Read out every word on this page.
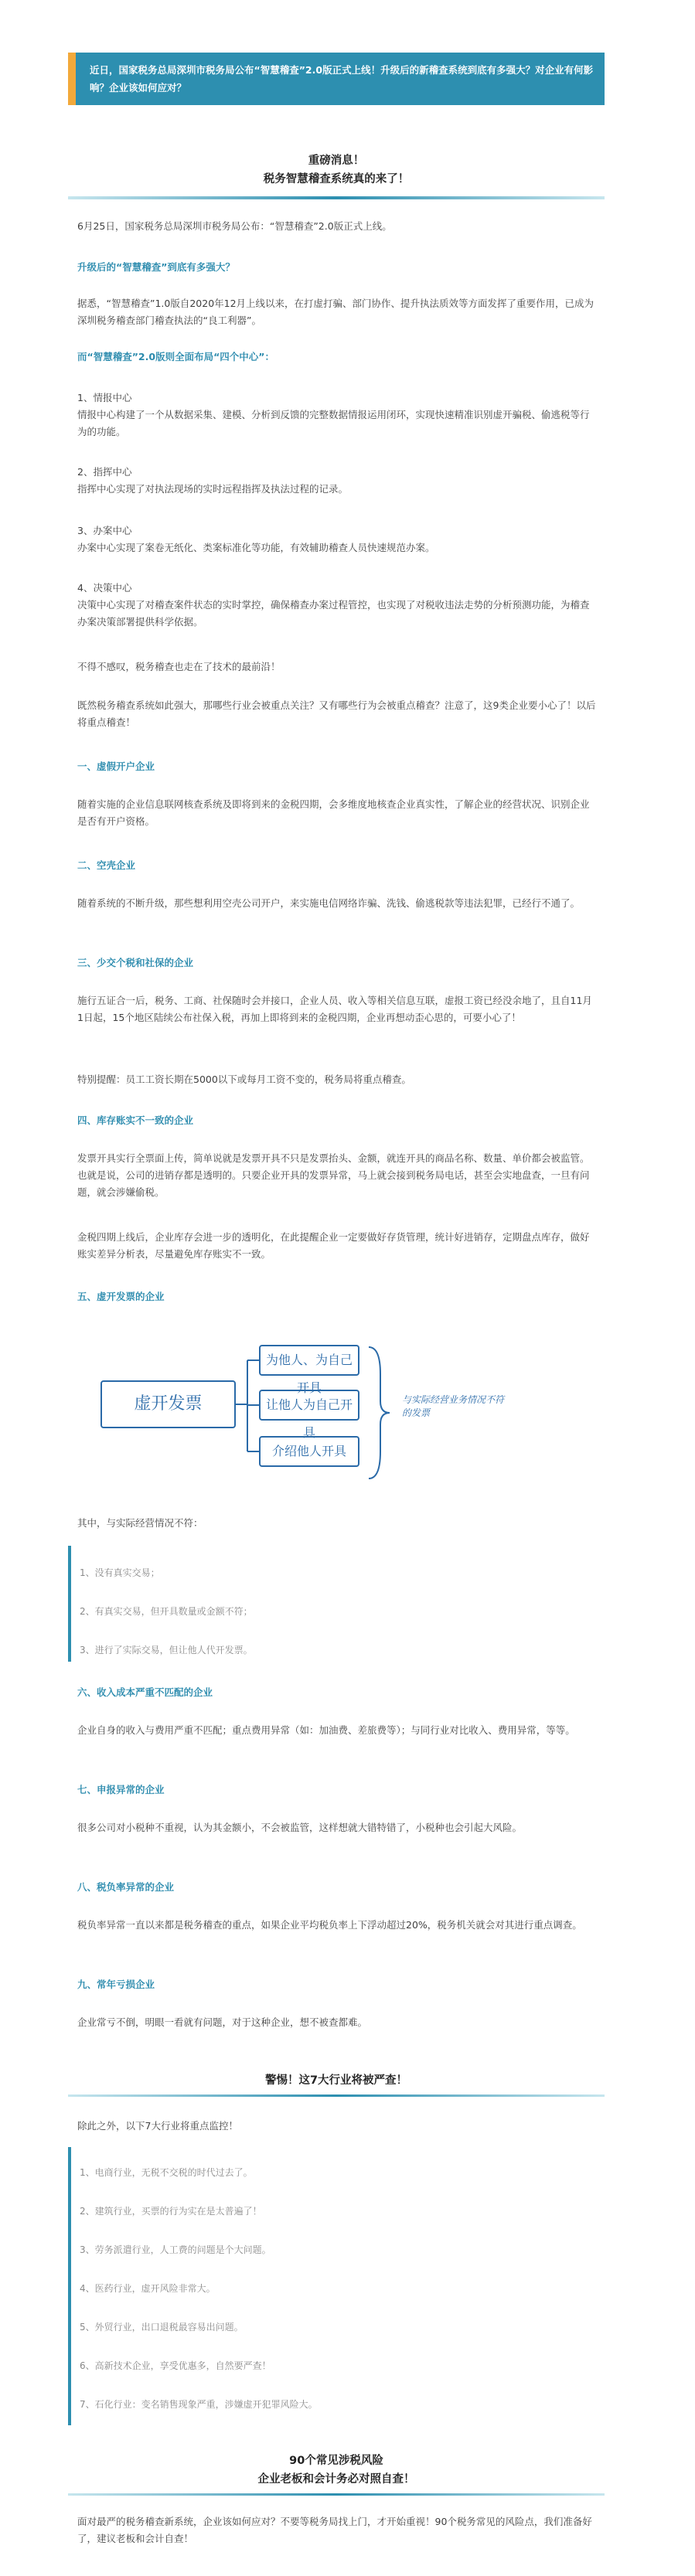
近日，国家税务总局深圳市税务局公布“智慧稽查”2.0版正式上线！升级后的新稽查系统到底有多强大？对企业有何影响？企业该如何应对？
重磅消息！
税务智慧稽查系统真的来了！

6月25日，国家税务总局深圳市税务局公布：“智慧稽查”2.0版正式上线。

升级后的“智慧稽查”到底有多强大？

据悉，“智慧稽查”1.0版自2020年12月上线以来，在打虚打骗、部门协作、提升执法质效等方面发挥了重要作用，已成为深圳税务稽查部门稽查执法的“良工利器”。

而“智慧稽查”2.0版则全面布局“四个中心”：

1、情报中心

情报中心构建了一个从数据采集、建模、分析到反馈的完整数据情报运用闭环，实现快速精准识别虚开骗税、偷逃税等行为的功能。

2、指挥中心

指挥中心实现了对执法现场的实时远程指挥及执法过程的记录。

3、办案中心

办案中心实现了案卷无纸化、类案标准化等功能，有效辅助稽查人员快速规范办案。

4、决策中心

决策中心实现了对稽查案件状态的实时掌控，确保稽查办案过程管控，也实现了对税收违法走势的分析预测功能，为稽查办案决策部署提供科学依据。

不得不感叹，税务稽查也走在了技术的最前沿！

既然税务稽查系统如此强大，那哪些行业会被重点关注？又有哪些行为会被重点稽查？注意了，这9类企业要小心了！以后将重点稽查！

一、虚假开户企业

随着实施的企业信息联网核查系统及即将到来的金税四期，会多维度地核查企业真实性，了解企业的经营状况、识别企业是否有开户资格。

二、空壳企业

随着系统的不断升级，那些想利用空壳公司开户，来实施电信网络诈骗、洗钱、偷逃税款等违法犯罪，已经行不通了。

三、少交个税和社保的企业

施行五证合一后，税务、工商、社保随时会并接口，企业人员、收入等相关信息互联，虚报工资已经没余地了，且自11月1日起，15个地区陆续公布社保入税，再加上即将到来的金税四期，企业再想动歪心思的，可要小心了！

特别提醒：员工工资长期在5000以下或每月工资不变的，税务局将重点稽查。

四、库存账实不一致的企业

发票开具实行全票面上传，简单说就是发票开具不只是发票抬头、金额，就连开具的商品名称、数量、单价都会被监管。也就是说，公司的进销存都是透明的。只要企业开具的发票异常，马上就会接到税务局电话，甚至会实地盘查，一旦有问题，就会涉嫌偷税。

金税四期上线后，企业库存会进一步的透明化，在此提醒企业一定要做好存货管理，统计好进销存，定期盘点库存，做好账实差异分析表，尽量避免库存账实不一致。

五、虚开发票的企业
虚开发票
为他人、为自己开具
让他人为自己开具
介绍他人开具
与实际经营业务情况不符的发票

其中，与实际经营情况不符：

1、没有真实交易；
2、有真实交易，但开具数量或金额不符；
3、进行了实际交易，但让他人代开发票。
六、收入成本严重不匹配的企业

企业自身的收入与费用严重不匹配；重点费用异常（如：加油费、差旅费等）；与同行业对比收入、费用异常，等等。

七、申报异常的企业

很多公司对小税种不重视，认为其金额小，不会被监管，这样想就大错特错了，小税种也会引起大风险。

八、税负率异常的企业

税负率异常一直以来都是税务稽查的重点，如果企业平均税负率上下浮动超过20%，税务机关就会对其进行重点调查。

九、常年亏损企业

企业常亏不倒，明眼一看就有问题，对于这种企业，想不被查都难。

警惕！这7大行业将被严查！

除此之外，以下7大行业将重点监控！

1、电商行业，无税不交税的时代过去了。
2、建筑行业，买票的行为实在是太普遍了！
3、劳务派遣行业，人工费的问题是个大问题。
4、医药行业，虚开风险非常大。
5、外贸行业，出口退税最容易出问题。
6、高新技术企业，享受优惠多，自然要严查！
7、石化行业：变名销售现象严重，涉嫌虚开犯罪风险大。
90个常见涉税风险
企业老板和会计务必对照自查！

面对最严的税务稽查新系统，企业该如何应对？不要等税务局找上门，才开始重视！90个税务常见的风险点，我们准备好了，建议老板和会计自查！
